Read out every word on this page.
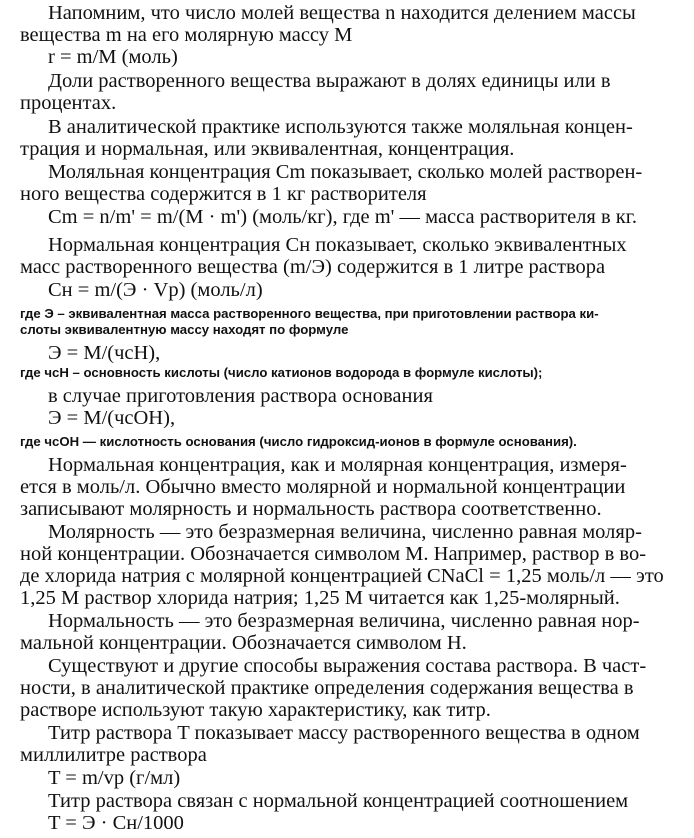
Напомним, что число молей вещества n находится делением массы
вещества m на его молярную массу M
r = m/M (моль)
Доли растворенного вещества выражают в долях единицы или в
процентах.
В аналитической практике используются также моляльная концен-
трация и нормальная, или эквивалентная, концентрация.
Моляльная концентрация Cm показывает, сколько молей растворен-
ного вещества содержится в 1 кг растворителя
Cm = n/m' = m/(M · m') (моль/кг), где m' — масса растворителя в кг.
Нормальная концентрация Cн показывает, сколько эквивалентных
масс растворенного вещества (m/Э) содержится в 1 литре раствора
Cн = m/(Э · Vp) (моль/л)
где Э – эквивалентная масса растворенного вещества, при приготовлении раствора ки-
слоты эквивалентную массу находят по формуле
Э = M/(чсН),
где чсН – основность кислоты (число катионов водорода в формуле кислоты);
в случае приготовления раствора основания
Э = M/(чсОН),
где чсОН — кислотность основания (число гидроксид-ионов в формуле основания).
Нормальная концентрация, как и молярная концентрация, измеря-
ется в моль/л. Обычно вместо молярной и нормальной концентрации
записывают молярность и нормальность раствора соответственно.
Молярность — это безразмерная величина, численно равная моляр-
ной концентрации. Обозначается символом М. Например, раствор в во-
де хлорида натрия с молярной концентрацией CNaCl = 1,25 моль/л — это
1,25 М раствор хлорида натрия; 1,25 М читается как 1,25-молярный.
Нормальность — это безразмерная величина, численно равная нор-
мальной концентрации. Обозначается символом Н.
Существуют и другие способы выражения состава раствора. В част-
ности, в аналитической практике определения содержания вещества в
растворе используют такую характеристику, как титр.
Титр раствора T показывает массу растворенного вещества в одном
миллилитре раствора
T = m/vp (г/мл)
Титр раствора связан с нормальной концентрацией соотношением
T = Э · Cн/1000
